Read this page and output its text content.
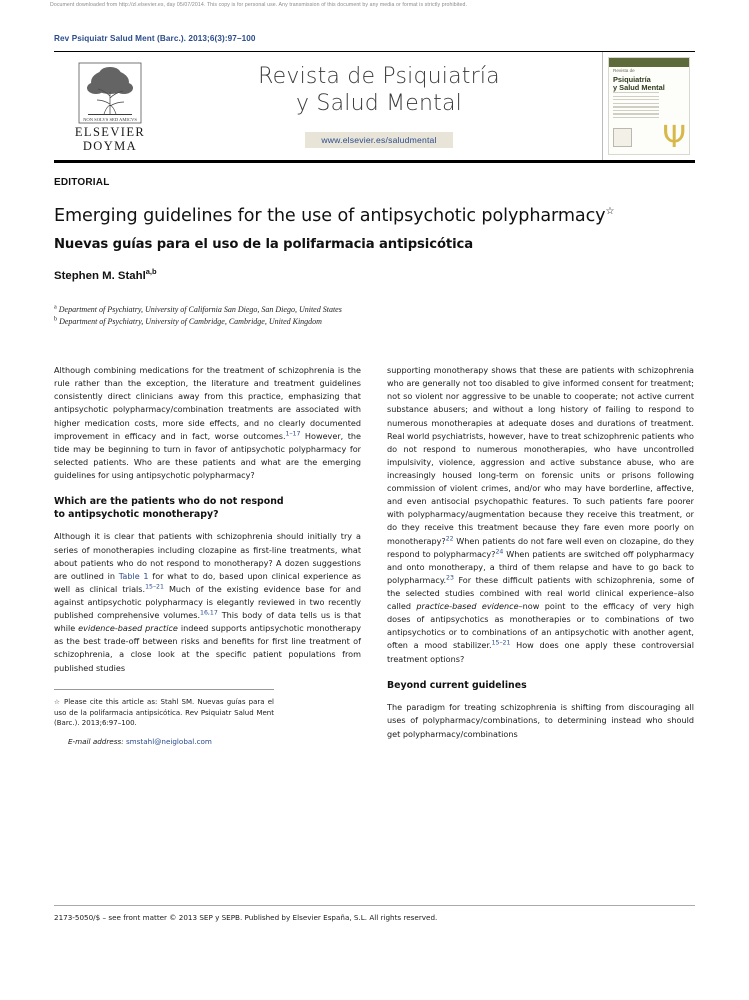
Document downloaded from http://zl.elsevier.es, day 05/07/2014. This copy is for personal use. Any transmission of this document by any media or format is strictly prohibited.
Rev Psiquiatr Salud Ment (Barc.). 2013;6(3):97–100
NON SOLVS SED AMICVS
ELSEVIER
DOYMA
Revista de Psiquiatría
y Salud Mental
www.elsevier.es/saludmental
Revista de
Psiquiatría
y Salud Mental
Ψ
EDITORIAL
Emerging guidelines for the use of antipsychotic polypharmacy☆
Nuevas guías para el uso de la polifarmacia antipsicótica
Stephen M. Stahl$^{a,b}$
$^a$ Department of Psychiatry, University of California San Diego, San Diego, United States
$^b$ Department of Psychiatry, University of Cambridge, Cambridge, United Kingdom

Although combining medications for the treatment of schizophrenia is the rule rather than the exception, the literature and treatment guidelines consistently direct clinicians away from this practice, emphasizing that antipsychotic polypharmacy/combination treatments are associated with higher medication costs, more side effects, and no clearly documented improvement in efficacy and in fact, worse outcomes.$^{1-17}$ However, the tide may be beginning to turn in favor of antipsychotic polypharmacy for selected patients. Who are these patients and what are the emerging guidelines for using antipsychotic polypharmacy?

Which are the patients who do not respond
to antipsychotic monotherapy?

Although it is clear that patients with schizophrenia should initially try a series of monotherapies including clozapine as first-line treatments, what about patients who do not respond to monotherapy? A dozen suggestions are outlined in Table 1 for what to do, based upon clinical experience as well as clinical trials.$^{15-21}$ Much of the existing evidence base for and against antipsychotic polypharmacy is elegantly reviewed in two recently published comprehensive volumes.$^{16,17}$ This body of data tells us is that while evidence-based practice indeed supports antipsychotic monotherapy as the best trade-off between risks and benefits for first line treatment of schizophrenia, a close look at the specific patient populations from published studies

☆ Please cite this article as: Stahl SM. Nuevas guías para el uso de la polifarmacia antipsicótica. Rev Psiquiatr Salud Ment (Barc.). 2013;6:97–100.
E-mail address: smstahl@neiglobal.com

supporting monotherapy shows that these are patients with schizophrenia who are generally not too disabled to give informed consent for treatment; not so violent nor aggressive to be unable to cooperate; not active current substance abusers; and without a long history of failing to respond to numerous monotherapies at adequate doses and durations of treatment. Real world psychiatrists, however, have to treat schizophrenic patients who do not respond to numerous monotherapies, who have uncontrolled impulsivity, violence, aggression and active substance abuse, who are increasingly housed long-term on forensic units or prisons following commission of violent crimes, and/or who may have borderline, affective, and even antisocial psychopathic features. To such patients fare poorer with polypharmacy/augmentation because they receive this treatment, or do they receive this treatment because they fare even more poorly on monotherapy?$^{22}$ When patients do not fare well even on clozapine, do they respond to polypharmacy?$^{24}$ When patients are switched off polypharmacy and onto monotherapy, a third of them relapse and have to go back to polypharmacy.$^{23}$ For these difficult patients with schizophrenia, some of the selected studies combined with real world clinical experience–also called practice-based evidence–now point to the efficacy of very high doses of antipsychotics as monotherapies or to combinations of two antipsychotics or to combinations of an antipsychotic with another agent, often a mood stabilizer.$^{15-21}$ How does one apply these controversial treatment options?

Beyond current guidelines

The paradigm for treating schizophrenia is shifting from discouraging all uses of polypharmacy/combinations, to determining instead who should get polypharmacy/combinations

2173-5050/$ – see front matter © 2013 SEP y SEPB. Published by Elsevier España, S.L. All rights reserved.
